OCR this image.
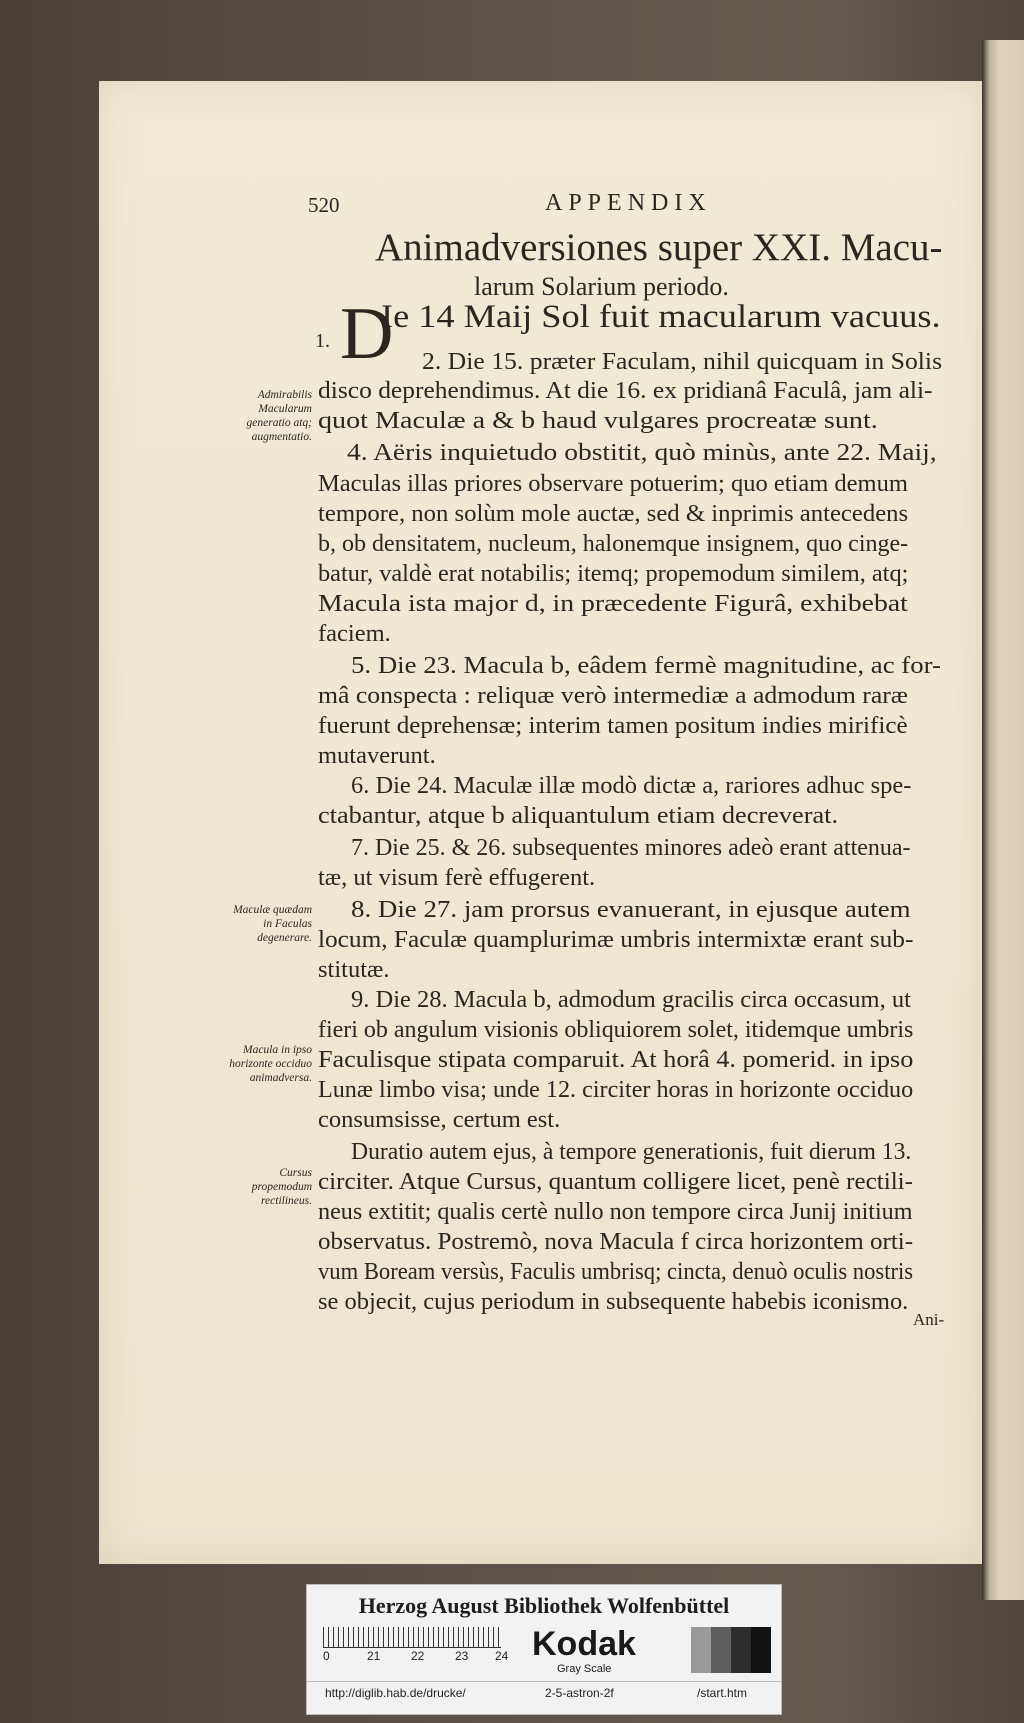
520	APPENDIX
Animadversiones super XXI. Macu-
larum Solarium periodo.
1. D
Ie 14 Maij Sol fuit macularum vacuus.
2. Die 15. præter Faculam, nihil quicquam in Solis
disco deprehendimus. At die 16. ex pridianâ Faculâ, jam ali-
quot Maculæ a & b haud vulgares procreatæ sunt.
4. Aëris inquietudo obstitit, quò minùs, ante 22. Maij,
Maculas illas priores observare potuerim; quo etiam demum
tempore, non solùm mole auctæ, sed & inprimis antecedens
b, ob densitatem, nucleum, halonemque insignem, quo cinge-
batur, valdè erat notabilis; itemq; propemodum similem, atq;
Macula ista major d, in præcedente Figurâ, exhibebat
faciem.
5. Die 23. Macula b, eâdem fermè magnitudine, ac for-
mâ conspecta : reliquæ verò intermediæ a admodum raræ
fuerunt deprehensæ; interim tamen positum indies mirificè
mutaverunt.
6. Die 24. Maculæ illæ modò dictæ a, rariores adhuc spe-
ctabantur, atque b aliquantulum etiam decreverat.
7. Die 25. & 26. subsequentes minores adeò erant attenua-
tæ, ut visum ferè effugerent.
8. Die 27. jam prorsus evanuerant, in ejusque autem
locum, Faculæ quamplurimæ umbris intermixtæ erant sub-
stitutæ.
9. Die 28. Macula b, admodum gracilis circa occasum, ut
fieri ob angulum visionis obliquiorem solet, itidemque umbris
Faculisque stipata comparuit. At horâ 4. pomerid. in ipso
Lunæ limbo visa; unde 12. circiter horas in horizonte occiduo
consumsisse, certum est.
Duratio autem ejus, à tempore generationis, fuit dierum 13.
circiter. Atque Cursus, quantum colligere licet, penè rectili-
neus extitit; qualis certè nullo non tempore circa Junij initium
observatus. Postremò, nova Macula f circa horizontem orti-
vum Boream versùs, Faculis umbrisq; cincta, denuò oculis nostris
se objecit, cujus periodum in subsequente habebis iconismo.
Admirabilis Macularum generatio atq; augmentatio.
Maculæ quædam in Faculas degenerare.
Macula in ipso horizonte occiduo animadversa.
Cursus propemodum rectilineus.
Ani-
Herzog August Bibliothek Wolfenbüttel
0	21	22	23 24 Kodak
Gray Scale
http://diglib.hab.de/drucke/	2-5-astron-2f	/start.htm
